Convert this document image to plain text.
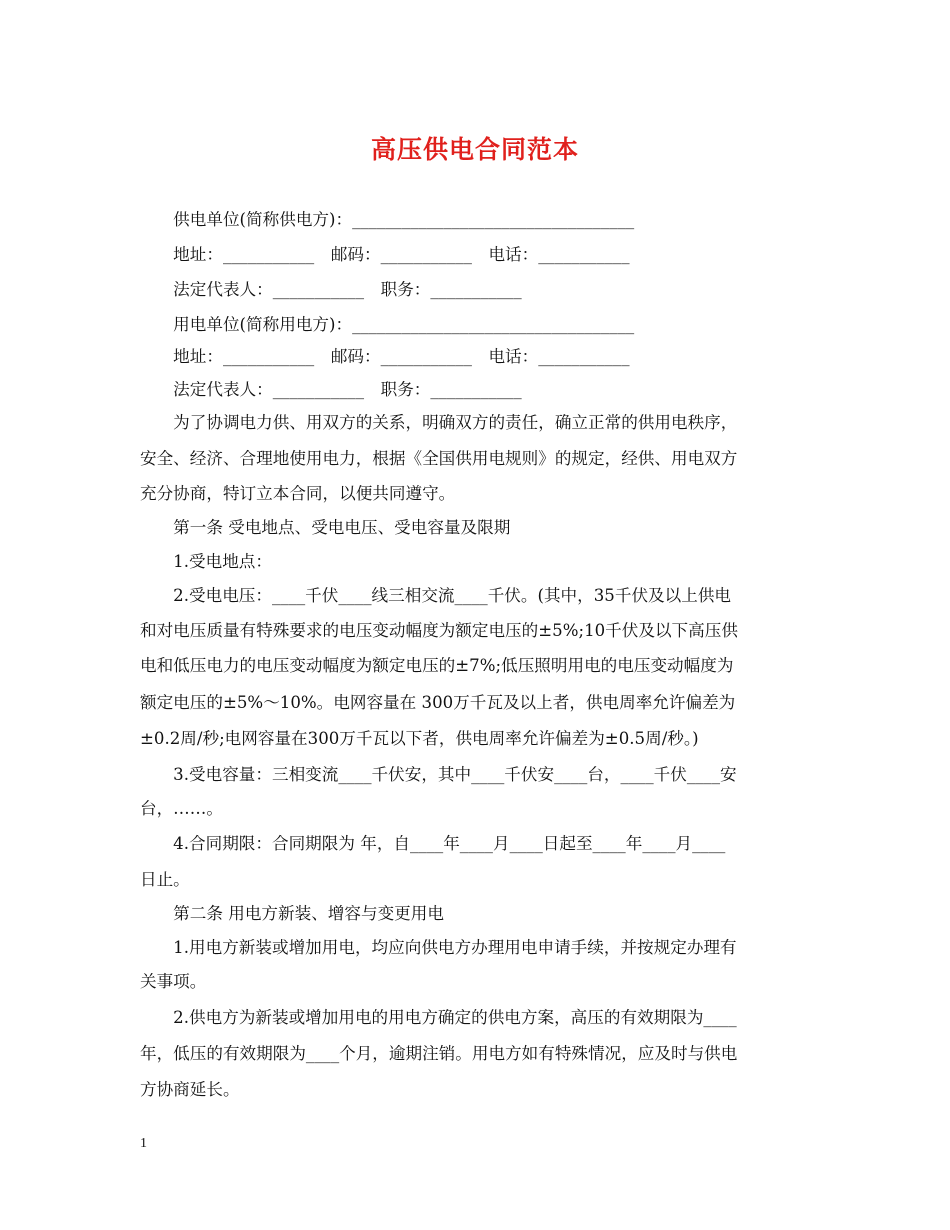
高压供电合同范本
　　供电单位(简称供电方)：__________________________________
　　地址：___________　邮码：___________　电话：___________
　　法定代表人：___________　职务：___________
　　用电单位(简称用电方)：__________________________________
　　地址：___________　邮码：___________　电话：___________
　　法定代表人：___________　职务：___________
　　为了协调电力供、用双方的关系，明确双方的责任，确立正常的供用电秩序，
安全、经济、合理地使用电力，根据《全国供用电规则》的规定，经供、用电双方
充分协商，特订立本合同，以便共同遵守。
　　第一条 受电地点、受电电压、受电容量及限期
　　1.受电地点：
　　2.受电电压：____千伏____线三相交流____千伏。(其中，35千伏及以上供电
和对电压质量有特殊要求的电压变动幅度为额定电压的±5%;10千伏及以下高压供
电和低压电力的电压变动幅度为额定电压的±7%;低压照明用电的电压变动幅度为
额定电压的±5%～10%。电网容量在 300万千瓦及以上者，供电周率允许偏差为
±0.2周/秒;电网容量在300万千瓦以下者，供电周率允许偏差为±0.5周/秒。)
　　3.受电容量：三相变流____千伏安，其中____千伏安____台，____千伏____安
台，……。
　　4.合同期限：合同期限为 年，自____年____月____日起至____年____月____
日止。
　　第二条 用电方新装、增容与变更用电
　　1.用电方新装或增加用电，均应向供电方办理用电申请手续，并按规定办理有
关事项。
　　2.供电方为新装或增加用电的用电方确定的供电方案，高压的有效期限为____
年，低压的有效期限为____个月，逾期注销。用电方如有特殊情况，应及时与供电
方协商延长。
1
